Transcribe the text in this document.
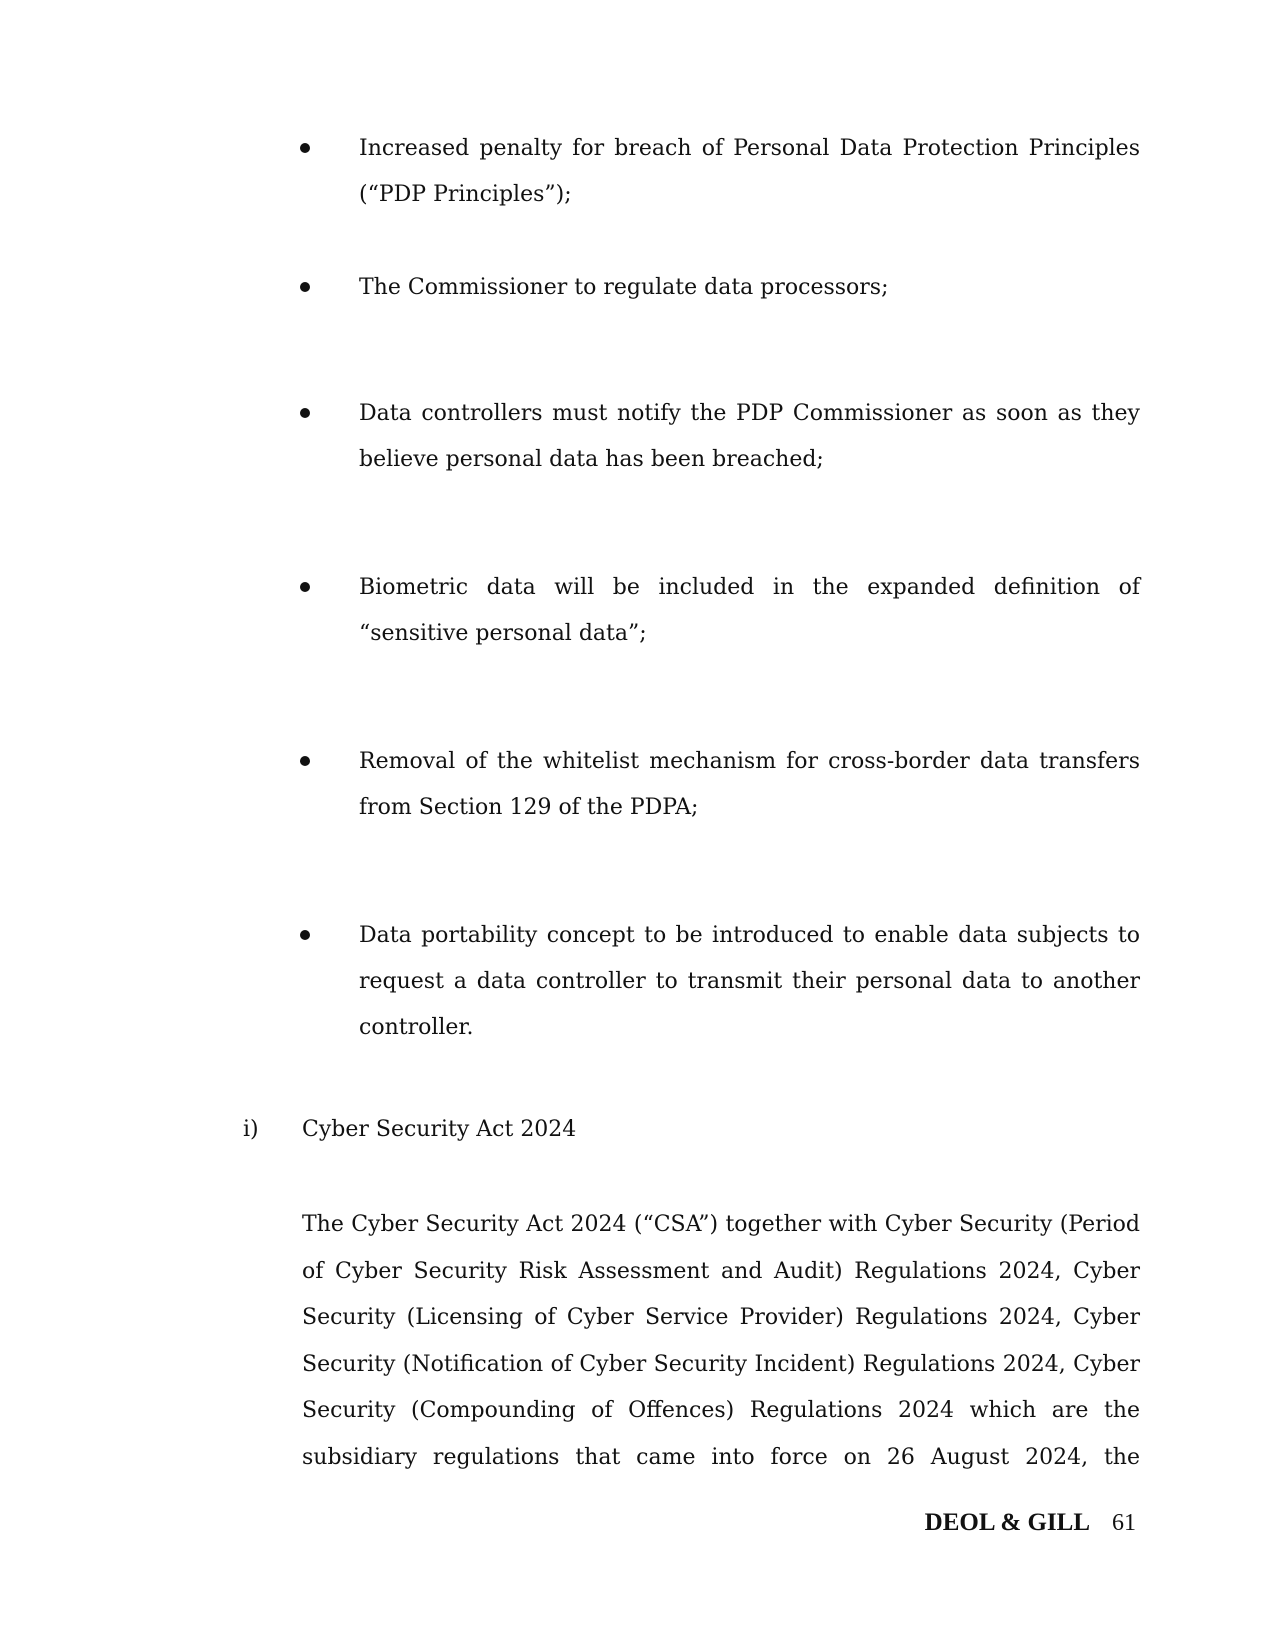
Increased penalty for breach of Personal Data Protection Principles (“PDP Principles”);

The Commissioner to regulate data processors;

Data controllers must notify the PDP Commissioner as soon as they believe personal data has been breached;

Biometric data will be included in the expanded definition of “sensitive personal data”;

Removal of the whitelist mechanism for cross-border data transfers from Section 129 of the PDPA;

Data portability concept to be introduced to enable data subjects to request a data controller to transmit their personal data to another controller.

i) Cyber Security Act 2024

The Cyber Security Act 2024 (“CSA”) together with Cyber Security (Period of Cyber Security Risk Assessment and Audit) Regulations 2024, Cyber Security (Licensing of Cyber Service Provider) Regulations 2024, Cyber Security (Notification of Cyber Security Incident) Regulations 2024, Cyber Security (Compounding of Offences) Regulations 2024 which are the subsidiary regulations that came into force on 26 August 2024, the

DEOL & GILL 61
